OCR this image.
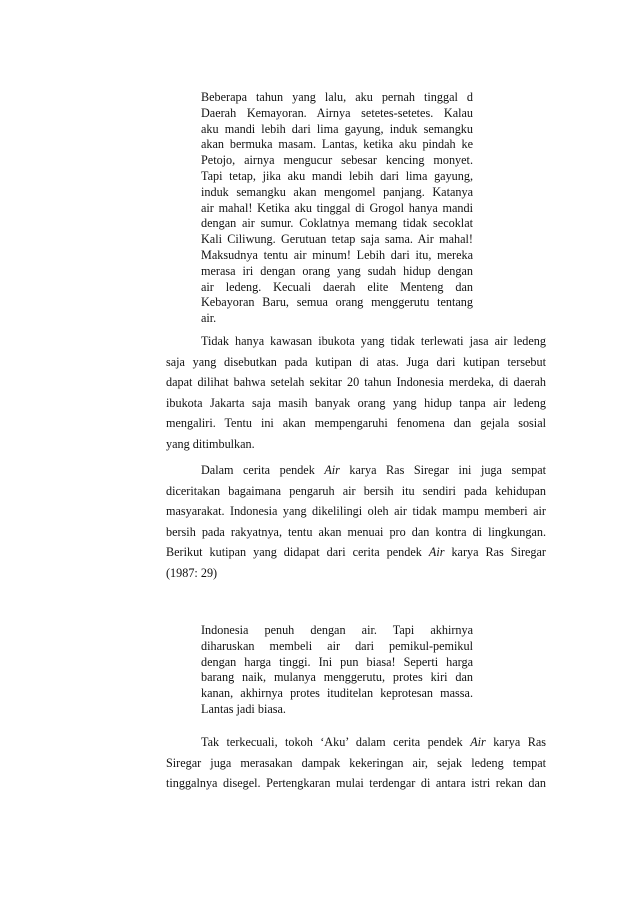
Beberapa tahun yang lalu, aku pernah tinggal d
Daerah Kemayoran. Airnya setetes-setetes. Kalau
aku mandi lebih dari lima gayung, induk semangku
akan bermuka masam. Lantas, ketika aku pindah ke
Petojo, airnya mengucur sebesar kencing monyet.
Tapi tetap, jika aku mandi lebih dari lima gayung,
induk semangku akan mengomel panjang. Katanya
air mahal! Ketika aku tinggal di Grogol hanya mandi
dengan air sumur. Coklatnya memang tidak secoklat
Kali Ciliwung. Gerutuan tetap saja sama. Air mahal!
Maksudnya tentu air minum! Lebih dari itu, mereka
merasa iri dengan orang yang sudah hidup dengan
air ledeng. Kecuali daerah elite Menteng dan
Kebayoran Baru, semua orang menggerutu tentang
air.
Tidak hanya kawasan ibukota yang tidak terlewati jasa air ledeng
saja yang disebutkan pada kutipan di atas. Juga dari kutipan tersebut
dapat dilihat bahwa setelah sekitar 20 tahun Indonesia merdeka, di daerah
ibukota Jakarta saja masih banyak orang yang hidup tanpa air ledeng
mengaliri. Tentu ini akan mempengaruhi fenomena dan gejala sosial
yang ditimbulkan.
Dalam cerita pendek Air karya Ras Siregar ini juga sempat
diceritakan bagaimana pengaruh air bersih itu sendiri pada kehidupan
masyarakat. Indonesia yang dikelilingi oleh air tidak mampu memberi air
bersih pada rakyatnya, tentu akan menuai pro dan kontra di lingkungan.
Berikut kutipan yang didapat dari cerita pendek Air karya Ras Siregar
(1987: 29)
Indonesia penuh dengan air. Tapi akhirnya
diharuskan membeli air dari pemikul-pemikul
dengan harga tinggi. Ini pun biasa! Seperti harga
barang naik, mulanya menggerutu, protes kiri dan
kanan, akhirnya protes ituditelan keprotesan massa.
Lantas jadi biasa.
Tak terkecuali, tokoh ‘Aku’ dalam cerita pendek Air karya Ras
Siregar juga merasakan dampak kekeringan air, sejak ledeng tempat
tinggalnya disegel. Pertengkaran mulai terdengar di antara istri rekan dan
